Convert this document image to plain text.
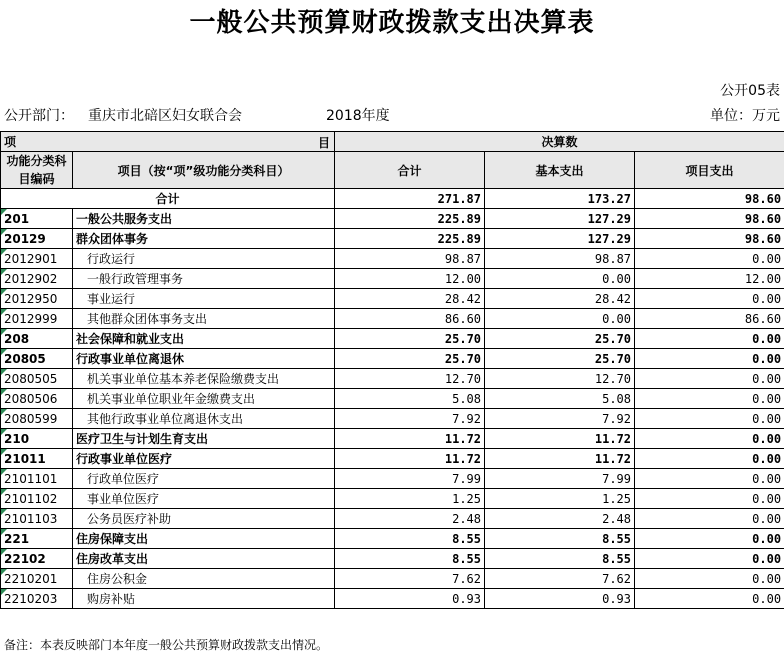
一般公共预算财政拨款支出决算表
公开05表
公开部门： 重庆市北碚区妇女联合会	2018年度	单位：万元
项 目		决算数		
功能分类科目编码	项目（按“项”级功能分类科目）	合计	基本支出	项目支出
合计		271.87	173.27	98.60

201	一般公共服务支出	225.89	127.29	98.60

20129	群众团体事务	225.89	127.29	98.60

2012901	行政运行	98.87	98.87	0.00

2012902	一般行政管理事务	12.00	0.00	12.00

2012950	事业运行	28.42	28.42	0.00

2012999	其他群众团体事务支出	86.60	0.00	86.60

208	社会保障和就业支出	25.70	25.70	0.00

20805	行政事业单位离退休	25.70	25.70	0.00

2080505	机关事业单位基本养老保险缴费支出	12.70	12.70	0.00

2080506	机关事业单位职业年金缴费支出	5.08	5.08	0.00

2080599	其他行政事业单位离退休支出	7.92	7.92	0.00

210	医疗卫生与计划生育支出	11.72	11.72	0.00

21011	行政事业单位医疗	11.72	11.72	0.00

2101101	行政单位医疗	7.99	7.99	0.00

2101102	事业单位医疗	1.25	1.25	0.00

2101103	公务员医疗补助	2.48	2.48	0.00

221	住房保障支出	8.55	8.55	0.00

22102	住房改革支出	8.55	8.55	0.00

2210201	住房公积金	7.62	7.62	0.00

2210203	购房补贴	0.93	0.93	0.00
备注：本表反映部门本年度一般公共预算财政拨款支出情况。
